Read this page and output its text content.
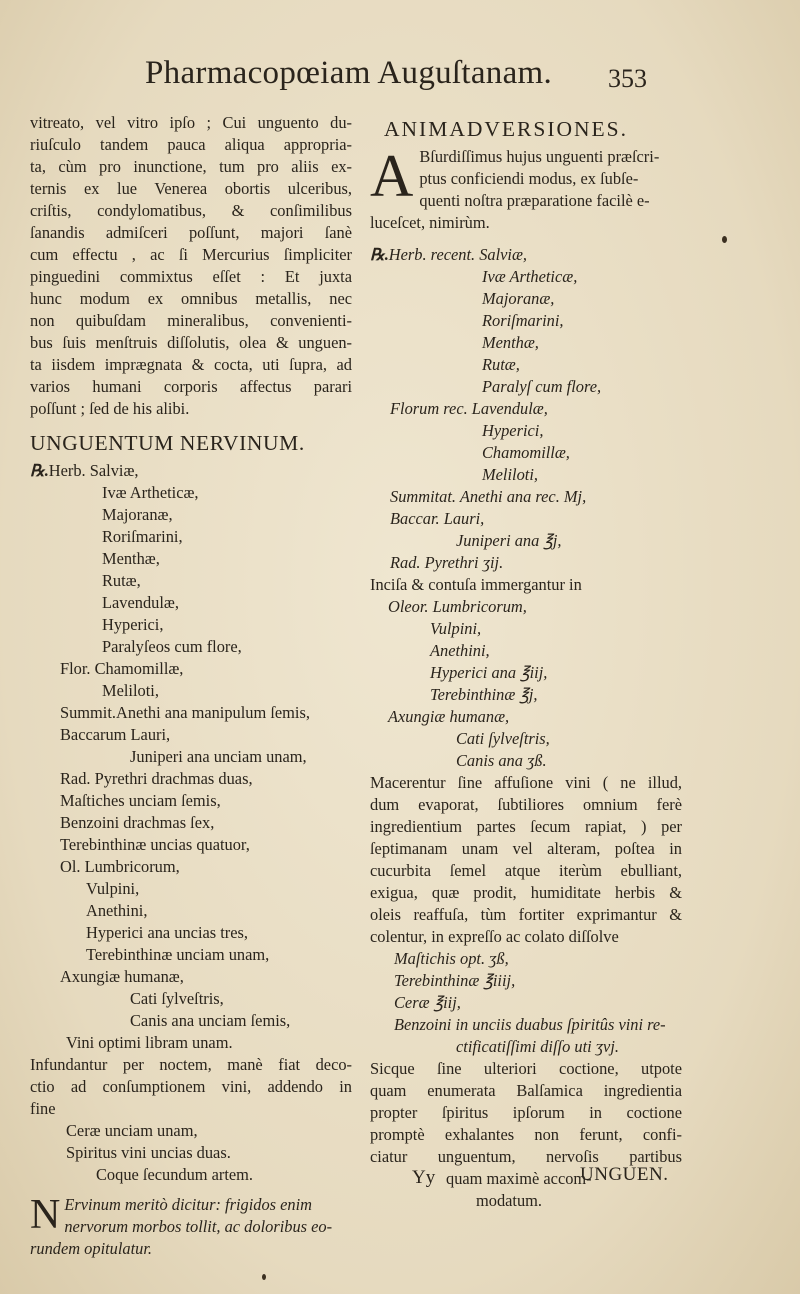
Pharmacopœiam Auguſtanam.	353
vitreato, vel vitro ipſo ; Cui unguento du-
riuſculo tandem pauca aliqua appropria-
ta, cùm pro inunctione, tum pro aliis ex-
ternis ex lue Venerea obortis ulceribus,
criſtis, condylomatibus, & conſimilibus
ſanandis admiſceri poſſunt, majori ſanè
cum effectu , ac ſi Mercurius ſimpliciter
pinguedini commixtus eſſet : Et juxta
hunc modum ex omnibus metallis, nec
non quibuſdam mineralibus, convenienti-
bus ſuis menſtruis diſſolutis, olea & unguen-
ta iisdem imprægnata & cocta, uti ſupra, ad
varios humani corporis affectus parari
poſſunt ; ſed de his alibi.
UNGUENTUM NERVINUM.
℞.Herb. Salviæ,
Ivæ Artheticæ,
Majoranæ,
Roriſmarini,
Menthæ,
Rutæ,
Lavendulæ,
Hyperici,
Paralyſeos cum flore,
Flor. Chamomillæ,
Meliloti,
Summit.Anethi ana manipulum ſemis,
Baccarum Lauri,
Juniperi ana unciam unam,
Rad. Pyrethri drachmas duas,
Maſtiches unciam ſemis,
Benzoini drachmas ſex,
Terebinthinæ uncias quatuor,
Ol. Lumbricorum,
Vulpini,
Anethini,
Hyperici ana uncias tres,
Terebinthinæ unciam unam,
Axungiæ humanæ,
Cati ſylveſtris,
Canis ana unciam ſemis,
Vini optimi libram unam.
Infundantur per noctem, manè fiat deco-
ctio ad conſumptionem vini, addendo in
fine
Ceræ unciam unam,
Spiritus vini uncias duas.
Coque ſecundum artem.
N Ervinum meritò dicitur: frigidos enim
nervorum morbos tollit, ac doloribus eo-
rundem opitulatur.
ANIMADVERSIONES.
A Bſurdiſſimus hujus unguenti præſcri-
ptus conficiendi modus, ex ſubſe-
quenti noſtra præparatione facilè e-
luceſcet, nimirùm.
℞.Herb. recent. Salviæ,
Ivæ Artheticæ,
Majoranæ,
Roriſmarini,
Menthæ,
Rutæ,
Paralyſ cum flore,
Florum rec. Lavendulæ,
Hyperici,
Chamomillæ,
Meliloti,
Summitat. Anethi ana rec. Mj,
Baccar. Lauri,
Juniperi ana ℥j,
Rad. Pyrethri ʒij.
Inciſa & contuſa immergantur in
Oleor. Lumbricorum,
Vulpini,
Anethini,
Hyperici ana ℥iij,
Terebinthinæ ℥j,
Axungiæ humanæ,
Cati ſylveſtris,
Canis ana ʒß.
Macerentur ſine affuſione vini ( ne illud,
dum evaporat, ſubtiliores omnium ferè
ingredientium partes ſecum rapiat, ) per
ſeptimanam unam vel alteram, poſtea in
cucurbita ſemel atque iterùm ebulliant,
exigua, quæ prodit, humiditate herbis &
oleis reaffuſa, tùm fortiter exprimantur &
colentur, in expreſſo ac colato diſſolve
Maſtichis opt. ʒß,
Terebinthinæ ℥iiij,
Ceræ ℥iij,
Benzoini in unciis duabus ſpiritûs vini re-
ctificatiſſimi diſſo uti ʒvj.
Sicque ſine ulteriori coctione, utpote
quam enumerata Balſamica ingredientia
propter ſpiritus ipſorum in coctione
promptè exhalantes non ferunt, confi-
ciatur unguentum, nervoſis partibus
quam maximè accom-
modatum.
Yy	UNGUEN.
